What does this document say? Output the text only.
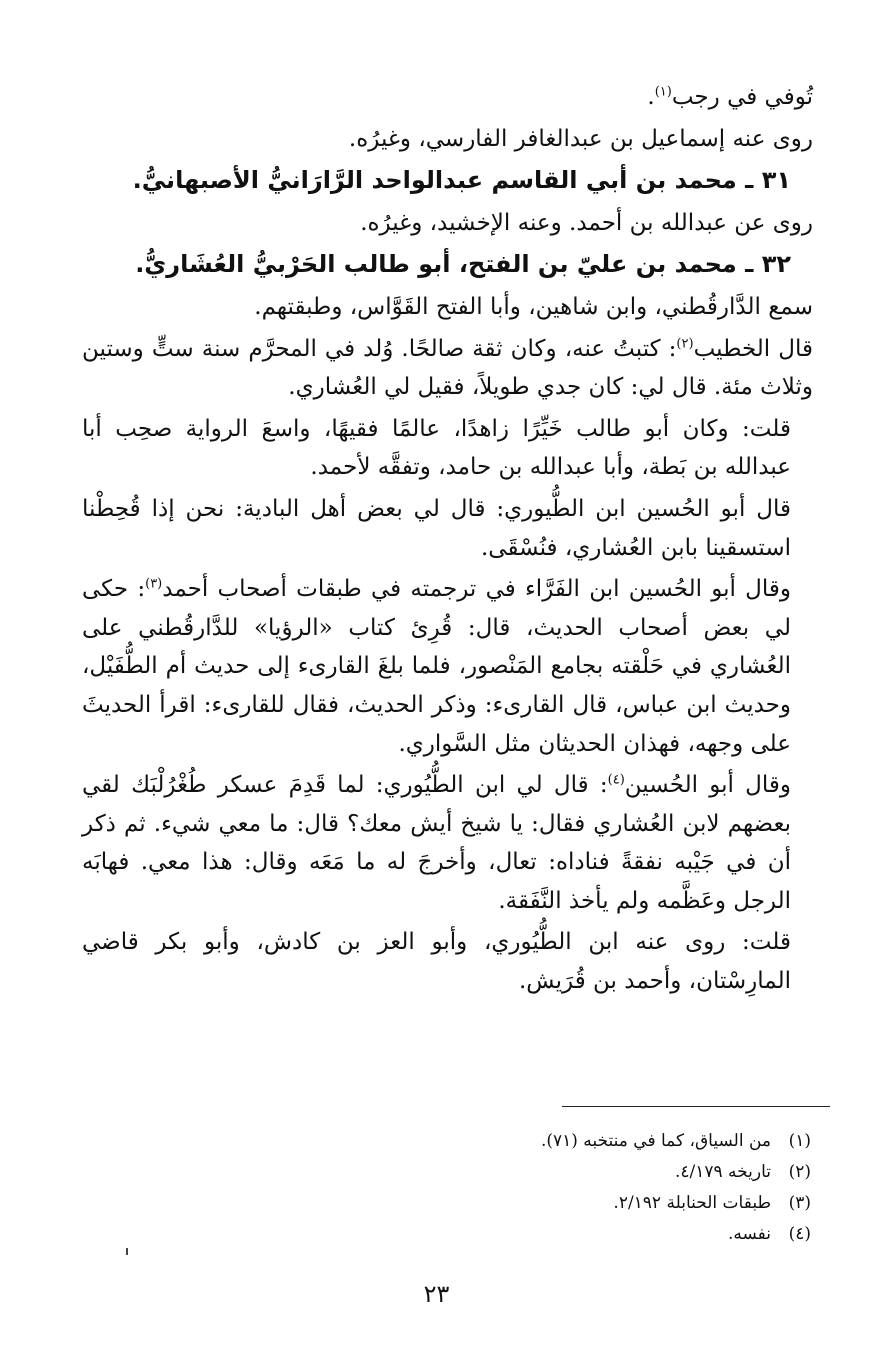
تُوفي في رجب$^{(١)}$.

روى عنه إسماعيل بن عبدالغافر الفارسي، وغيرُه.

٣١ ـ محمد بن أبي القاسم عبدالواحد الرَّارَانيُّ الأصبهانيُّ.

روى عن عبدالله بن أحمد. وعنه الإخشيد، وغيرُه.

٣٢ ـ محمد بن عليّ بن الفتح، أبو طالب الحَرْبيُّ العُشَاريُّ.

سمع الدَّارقُطني، وابن شاهين، وأبا الفتح القَوَّاس، وطبقتهم.

قال الخطيب$^{(٢)}$: كتبتُ عنه، وكان ثقة صالحًا. وُلد في المحرَّم سنة ستٍّ وستين وثلاث مئة. قال لي: كان جدي طويلاً، فقيل لي العُشاري.

قلت: وكان أبو طالب خَيِّرًا زاهدًا، عالمًا فقيهًا، واسعَ الرواية صحِب أبا عبدالله بن بَطة، وأبا عبدالله بن حامد، وتفقَّه لأحمد.

قال أبو الحُسين ابن الطُّيوري: قال لي بعض أهل البادية: نحن إذا قُحِطْنا استسقينا بابن العُشاري، فنُسْقَى.

وقال أبو الحُسين ابن الفَرَّاء في ترجمته في طبقات أصحاب أحمد$^{(٣)}$: حكى لي بعض أصحاب الحديث، قال: قُرِئ كتاب «الرؤيا» للدَّارقُطني على العُشاري في حَلْقته بجامع المَنْصور، فلما بلغَ القارىء إلى حديث أم الطُّفَيْل، وحديث ابن عباس، قال القارىء: وذكر الحديث، فقال للقارىء: اقرأ الحديثَ على وجهه، فهذان الحديثان مثل السَّواري.

وقال أبو الحُسين$^{(٤)}$: قال لي ابن الطُّيُوري: لما قَدِمَ عسكر طُغْرُلْبَك لقي بعضهم لابن العُشاري فقال: يا شيخ أيش معك؟ قال: ما معي شيء. ثم ذكر أن في جَيْبه نفقةً فناداه: تعال، وأخرجَ له ما مَعَه وقال: هذا معي. فهابَه الرجل وعَظَّمه ولم يأخذ النَّفَقة.

قلت: روى عنه ابن الطُّيُوري، وأبو العز بن كادش، وأبو بكر قاضي المارِسْتان، وأحمد بن قُرَيش.

(١)من السياق، كما في منتخبه (٧١).
(٢)تاريخه ٤/١٧٩.
(٣)طبقات الحنابلة ٢/١٩٢.
(٤)نفسه.
٢٣
